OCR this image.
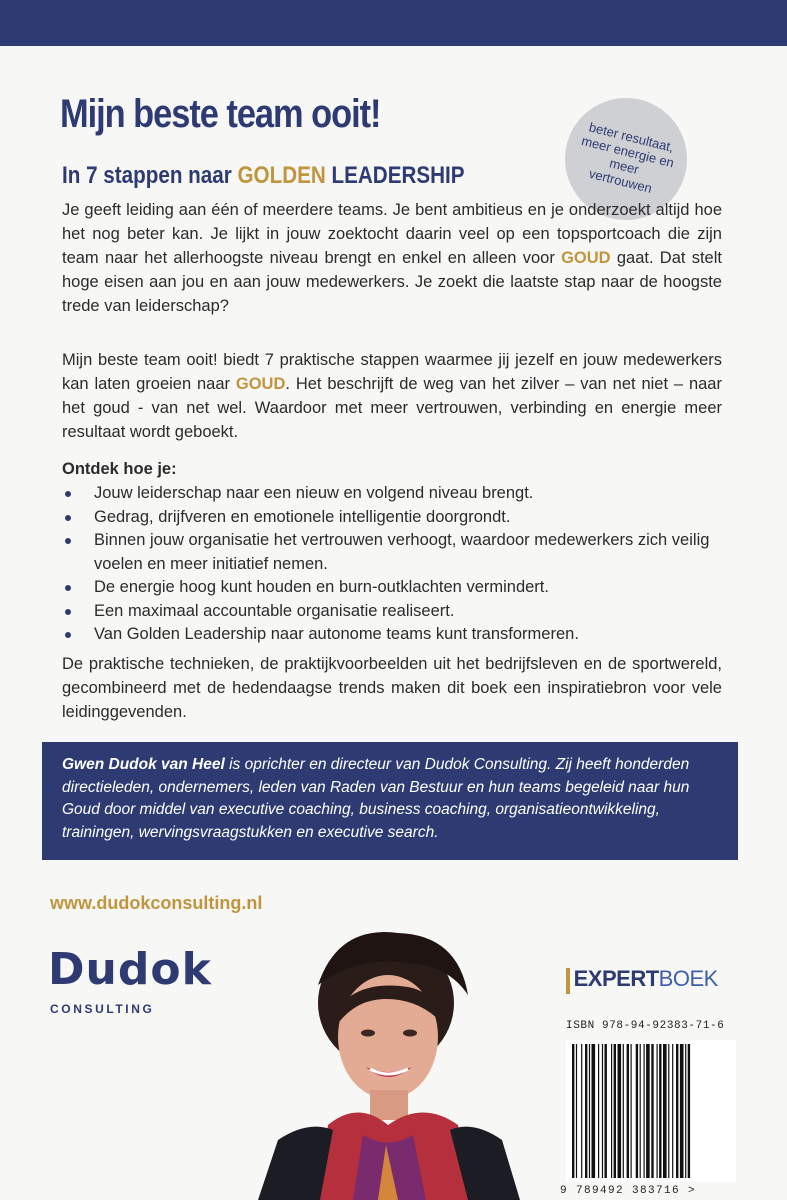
Mijn beste team ooit!
In 7 stappen naar GOLDEN LEADERSHIP
beter resultaat, meer energie en meer vertrouwen
Je geeft leiding aan één of meerdere teams. Je bent ambitieus en je onderzoekt altijd hoe het nog beter kan. Je lijkt in jouw zoektocht daarin veel op een topsportcoach die zijn team naar het allerhoogste niveau brengt en enkel en alleen voor GOUD gaat. Dat stelt hoge eisen aan jou en aan jouw medewerkers. Je zoekt die laatste stap naar de hoogste trede van leiderschap?
Mijn beste team ooit! biedt 7 praktische stappen waarmee jij jezelf en jouw medewerkers kan laten groeien naar GOUD. Het beschrijft de weg van het zilver – van net niet – naar het goud - van net wel. Waardoor met meer vertrouwen, verbinding en energie meer resultaat wordt geboekt.
Ontdek hoe je:
Jouw leiderschap naar een nieuw en volgend niveau brengt.
Gedrag, drijfveren en emotionele intelligentie doorgrondt.
Binnen jouw organisatie het vertrouwen verhoogt, waardoor medewerkers zich veilig voelen en meer initiatief nemen.
De energie hoog kunt houden en burn-outklachten vermindert.
Een maximaal accountable organisatie realiseert.
Van Golden Leadership naar autonome teams kunt transformeren.
De praktische technieken, de praktijkvoorbeelden uit het bedrijfsleven en de sportwereld, gecombineerd met de hedendaagse trends maken dit boek een inspiratiebron voor vele leidinggevenden.
Gwen Dudok van Heel is oprichter en directeur van Dudok Consulting. Zij heeft honderden directieleden, ondernemers, leden van Raden van Bestuur en hun teams begeleid naar hun Goud door middel van executive coaching, business coaching, organisatieontwikkeling, trainingen, wervingsvraagstukken en executive search.
www.dudokconsulting.nl
Dudok
CONSULTING
EXPERTBOEK
ISBN 978-94-92383-71-6
9 789492 383716 >
